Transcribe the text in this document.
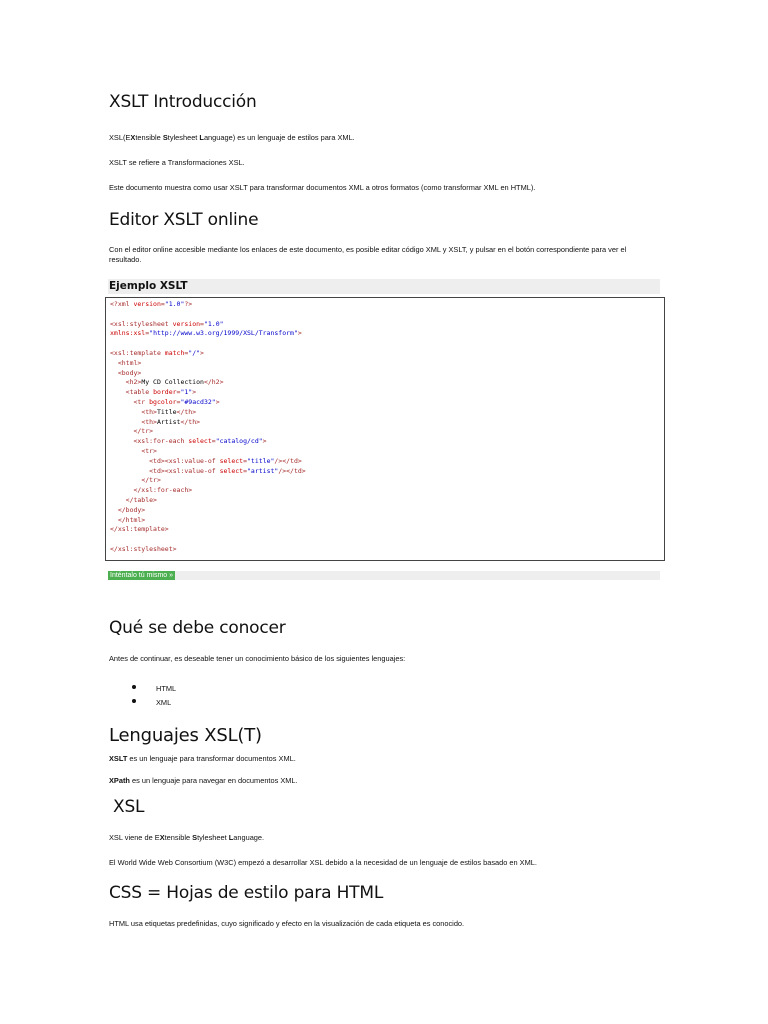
XSLT Introducción

XSL(EXtensible Stylesheet Language) es un lenguaje de estilos para XML.

XSLT se refiere a Transformaciones XSL.

Este documento muestra como usar XSLT para transformar documentos XML a otros formatos (como transformar XML en HTML).

Editor XSLT online

Con el editor online accesible mediante los enlaces de este documento, es posible editar código XML y XSLT, y pulsar en el botón correspondiente para ver el resultado.

Ejemplo XSLT
<?xml version="1.0"?>

<xsl:stylesheet version="1.0"
xmlns:xsl="http://www.w3.org/1999/XSL/Transform">

<xsl:template match="/">
<html>
<body>
<h2>My CD Collection</h2>
<table border="1">
<tr bgcolor="#9acd32">
<th>Title</th>
<th>Artist</th>
</tr>
<xsl:for-each select="catalog/cd">
<tr>
<td><xsl:value-of select="title"/></td>
<td><xsl:value-of select="artist"/></td>
</tr>
</xsl:for-each>
</table>
</body>
</html>
</xsl:template>

</xsl:stylesheet>
Inténtalo tú mismo »
Qué se debe conocer

Antes de continuar, es deseable tener un conocimiento básico de los siguientes lenguajes:

HTML

XML

Lenguajes XSL(T)

XSLT es un lenguaje para transformar documentos XML.

XPath es un lenguaje para navegar en documentos XML.

XSL

XSL viene de EXtensible Stylesheet Language.

El World Wide Web Consortium (W3C) empezó a desarrollar XSL debido a la necesidad de un lenguaje de estilos basado en XML.

CSS = Hojas de estilo para HTML

HTML usa etiquetas predefinidas, cuyo significado y efecto en la visualización de cada etiqueta es conocido.
